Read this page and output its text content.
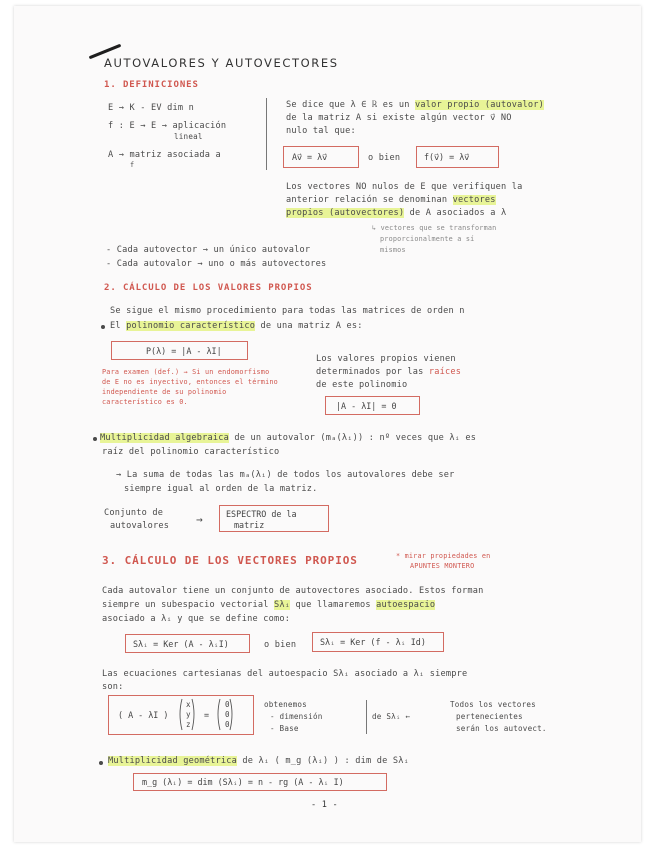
AUTOVALORES Y AUTOVECTORES
1. DEFINICIONES
E → K - EV dim n
f : E → E → aplicación
lineal
A → matriz asociada a
f
Se dice que λ ∈ ℝ es un valor propio (autovalor)
de la matriz A si existe algún vector v⃗ NO
nulo tal que:
Av⃗ = λv⃗	o bien	f(v⃗) = λv⃗
Los vectores NO nulos de E que verifiquen la
anterior relación se denominan vectores
propios (autovectores) de A asociados a λ
↳ vectores que se transforman
proporcionalmente a sí
mismos
- Cada autovector → un único autovalor
- Cada autovalor → uno o más autovectores
2. CÁLCULO DE LOS VALORES PROPIOS
Se sigue el mismo procedimiento para todas las matrices de orden n
El polinomio característico de una matriz A es:
P(λ) = |A - λI|
Para examen (def.) → Si un endomorfismo
de E no es inyectivo, entonces el término
independiente de su polinomio
característico es 0.
Los valores propios vienen
determinados por las raíces
de este polinomio
|A - λI| = 0
Multiplicidad algebraica de un autovalor (mₐ(λᵢ)) : nº veces que λᵢ es
raíz del polinomio característico
→ La suma de todas las mₐ(λᵢ) de todos los autovalores debe ser
siempre igual al orden de la matriz.
Conjunto de
autovalores →	ESPECTRO de la
matriz
3. CÁLCULO DE LOS VECTORES PROPIOS	* mirar propiedades en
APUNTES MONTERO
Cada autovalor tiene un conjunto de autovectores asociado. Estos forman
siempre un subespacio vectorial Sλᵢ que llamaremos autoespacio
asociado a λᵢ y que se define como:
Sλᵢ = Ker (A - λᵢI)	o bien	Sλᵢ = Ker (f - λᵢ Id)
Las ecuaciones cartesianas del autoespacio Sλᵢ asociado a λᵢ siempre
son:
( A - λI )
x
y
z
=
0
0
0
obtenemos
- dimensión
- Base
de Sλᵢ ←
Todos los vectores
pertenecientes
serán los autovect.
Multiplicidad geométrica de λᵢ ( m_g (λᵢ) ) : dim de Sλᵢ
m_g (λᵢ) = dim (Sλᵢ) = n - rg (A - λᵢ I)
- 1 -
